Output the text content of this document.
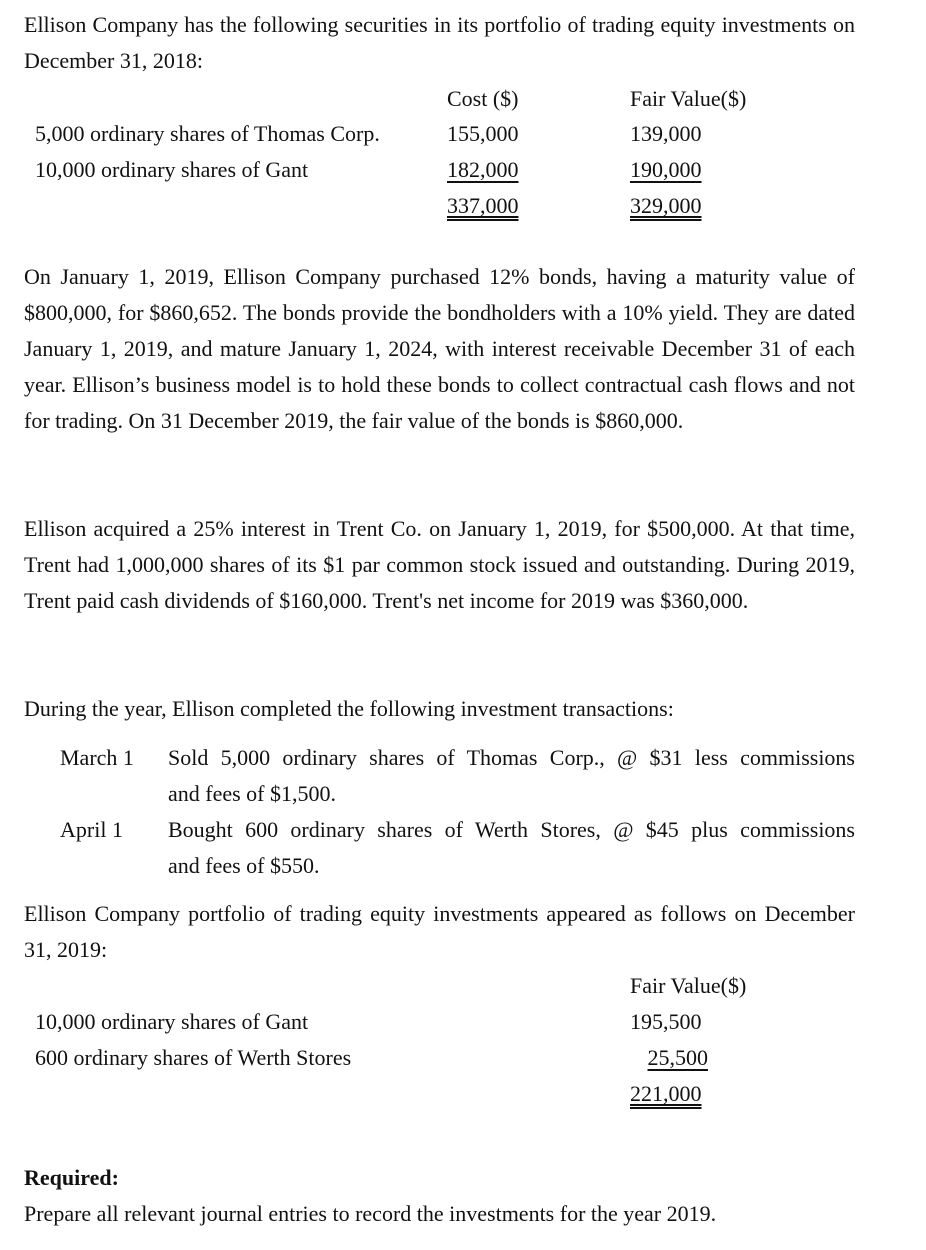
Ellison Company has the following securities in its portfolio of trading equity investments on December 31, 2018:
Cost ($)	Fair Value($)
5,000 ordinary shares of Thomas Corp.	155,000	139,000
10,000 ordinary shares of Gant	182,000	190,000
337,000	329,000
On January 1, 2019, Ellison Company purchased 12% bonds, having a maturity value of $800,000, for $860,652. The bonds provide the bondholders with a 10% yield. They are dated January 1, 2019, and mature January 1, 2024, with interest receivable December 31 of each year. Ellison’s business model is to hold these bonds to collect contractual cash flows and not for trading. On 31 December 2019, the fair value of the bonds is $860,000.
Ellison acquired a 25% interest in Trent Co. on January 1, 2019, for $500,000. At that time, Trent had 1,000,000 shares of its $1 par common stock issued and outstanding. During 2019, Trent paid cash dividends of $160,000. Trent's net income for 2019 was $360,000.
During the year, Ellison completed the following investment transactions:
March 1 Sold 5,000 ordinary shares of Thomas Corp., @ $31 less commissions
and fees of $1,500.
April 1 Bought 600 ordinary shares of Werth Stores, @ $45 plus commissions
and fees of $550.
Ellison Company portfolio of trading equity investments appeared as follows on December 31, 2019:
Fair Value($)
10,000 ordinary shares of Gant	195,500
600 ordinary shares of Werth Stores	25,500
221,000
Required:
Prepare all relevant journal entries to record the investments for the year 2019.
